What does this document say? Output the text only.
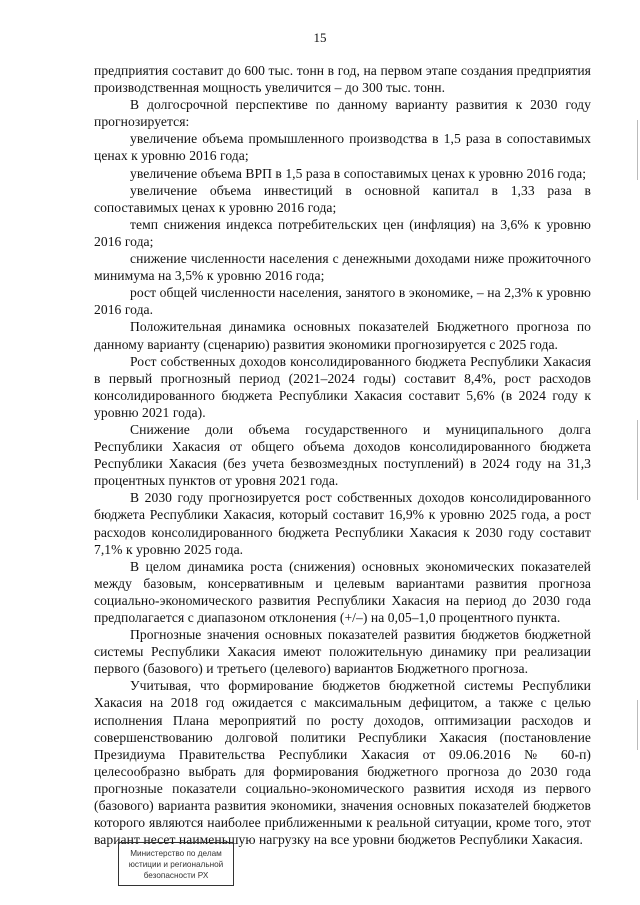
15

предприятия составит до 600 тыс. тонн в год, на первом этапе создания предприятия производственная мощность увеличится – до 300 тыс. тонн.

В долгосрочной перспективе по данному варианту развития к 2030 году прогнозируется:

увеличение объема промышленного производства в 1,5 раза в сопоставимых ценах к уровню 2016 года;

увеличение объема ВРП в 1,5 раза в сопоставимых ценах к уровню 2016 года;

увеличение объема инвестиций в основной капитал в 1,33 раза в сопоставимых ценах к уровню 2016 года;

темп снижения индекса потребительских цен (инфляция) на 3,6% к уровню 2016 года;

снижение численности населения с денежными доходами ниже прожиточного минимума на 3,5% к уровню 2016 года;

рост общей численности населения, занятого в экономике, – на 2,3% к уровню 2016 года.

Положительная динамика основных показателей Бюджетного прогноза по данному варианту (сценарию) развития экономики прогнозируется с 2025 года.

Рост собственных доходов консолидированного бюджета Республики Хакасия в первый прогнозный период (2021–2024 годы) составит 8,4%, рост расходов консолидированного бюджета Республики Хакасия составит 5,6% (в 2024 году к уровню 2021 года).

Снижение доли объема государственного и муниципального долга Республики Хакасия от общего объема доходов консолидированного бюджета Республики Хакасия (без учета безвозмездных поступлений) в 2024 году на 31,3 процентных пунктов от уровня 2021 года.

В 2030 году прогнозируется рост собственных доходов консолидированного бюджета Республики Хакасия, который составит 16,9% к уровню 2025 года, а рост расходов консолидированного бюджета Республики Хакасия к 2030 году составит 7,1% к уровню 2025 года.

В целом динамика роста (снижения) основных экономических показателей между базовым, консервативным и целевым вариантами развития прогноза социально-экономического развития Республики Хакасия на период до 2030 года предполагается с диапазоном отклонения (+/–) на 0,05–1,0 процентного пункта.

Прогнозные значения основных показателей развития бюджетов бюджетной системы Республики Хакасия имеют положительную динамику при реализации первого (базового) и третьего (целевого) вариантов Бюджетного прогноза.

Учитывая, что формирование бюджетов бюджетной системы Республики Хакасия на 2018 год ожидается с максимальным дефицитом, а также с целью исполнения Плана мероприятий по росту доходов, оптимизации расходов и совершенствованию долговой политики Республики Хакасия (постановление Президиума Правительства Республики Хакасия от 09.06.2016 № 60-п) целесообразно выбрать для формирования бюджетного прогноза до 2030 года прогнозные показатели социально-экономического развития исходя из первого (базового) варианта развития экономики, значения основных показателей бюджетов которого являются наиболее приближенными к реальной ситуации, кроме того, этот вариант несет наименьшую нагрузку на все уровни бюджетов Республики Хакасия.

Министерство по делам
юстиции и региональной
безопасности РХ
